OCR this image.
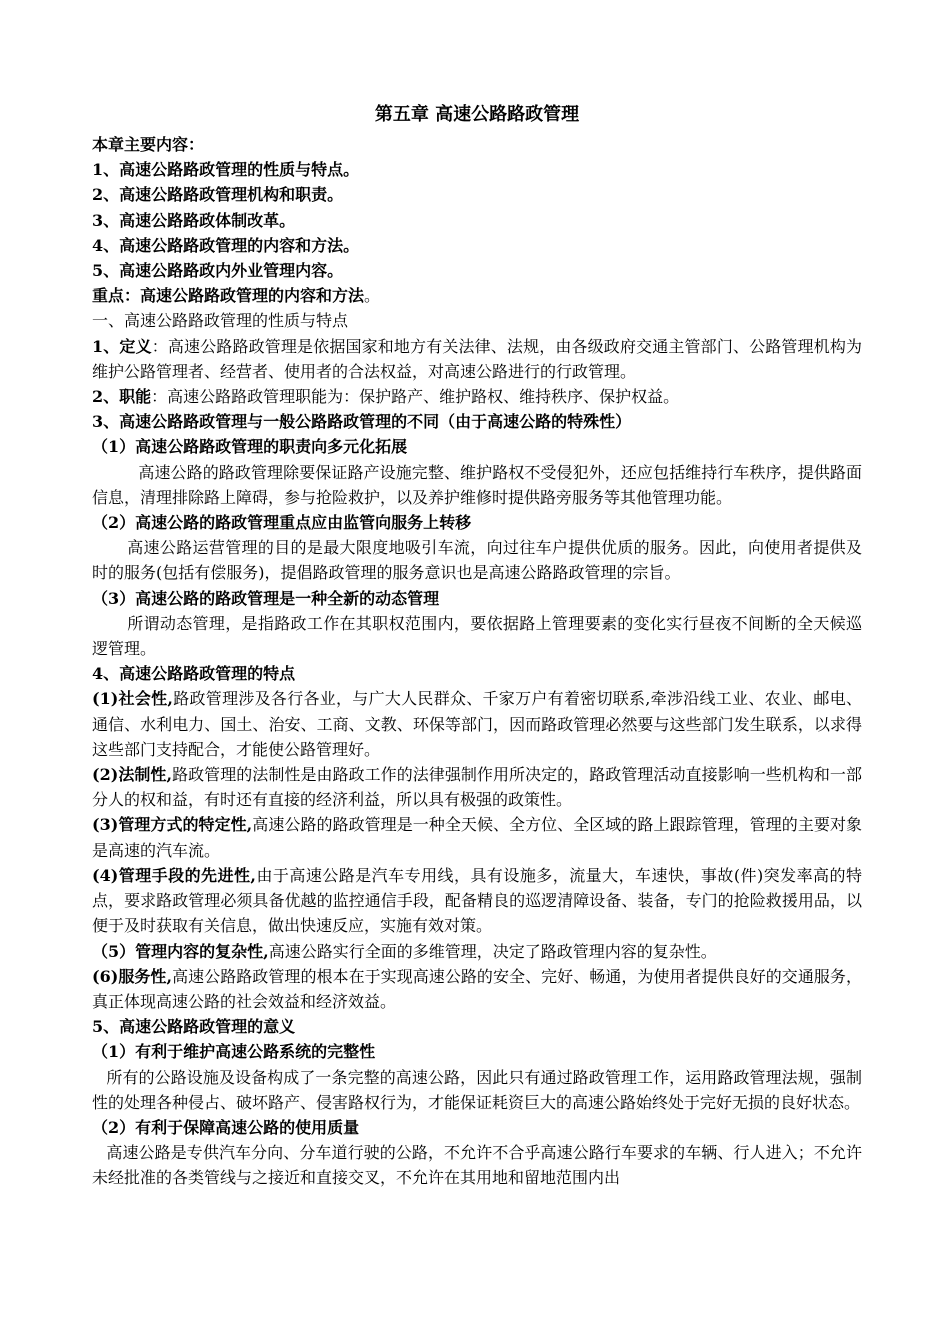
第五章 高速公路路政管理

本章主要内容：

1、高速公路路政管理的性质与特点。

2、高速公路路政管理机构和职责。

3、高速公路路政体制改革。

4、高速公路路政管理的内容和方法。

5、高速公路路政内外业管理内容。

重点：高速公路路政管理的内容和方法。

一、高速公路路政管理的性质与特点

1、定义：高速公路路政管理是依据国家和地方有关法律、法规，由各级政府交通主管部门、公路管理机构为维护公路管理者、经营者、使用者的合法权益，对高速公路进行的行政管理。

2、职能：高速公路路政管理职能为：保护路产、维护路权、维持秩序、保护权益。

3、高速公路路政管理与一般公路路政管理的不同（由于高速公路的特殊性）

（1）高速公路路政管理的职责向多元化拓展

高速公路的路政管理除要保证路产设施完整、维护路权不受侵犯外，还应包括维持行车秩序，提供路面信息，清理排除路上障碍，参与抢险救护，以及养护维修时提供路旁服务等其他管理功能。

（2）高速公路的路政管理重点应由监管向服务上转移

高速公路运营管理的目的是最大限度地吸引车流，向过往车户提供优质的服务。因此，向使用者提供及时的服务(包括有偿服务)，提倡路政管理的服务意识也是高速公路路政管理的宗旨。

（3）高速公路的路政管理是一种全新的动态管理

所谓动态管理，是指路政工作在其职权范围内，要依据路上管理要素的变化实行昼夜不间断的全天候巡逻管理。

4、高速公路路政管理的特点

(1)社会性,路政管理涉及各行各业，与广大人民群众、千家万户有着密切联系,牵涉沿线工业、农业、邮电、通信、水利电力、国土、治安、工商、文教、环保等部门，因而路政管理必然要与这些部门发生联系，以求得这些部门支持配合，才能使公路管理好。

(2)法制性,路政管理的法制性是由路政工作的法律强制作用所决定的，路政管理活动直接影响一些机构和一部分人的权和益，有时还有直接的经济利益，所以具有极强的政策性。

(3)管理方式的特定性,高速公路的路政管理是一种全天候、全方位、全区域的路上跟踪管理，管理的主要对象是高速的汽车流。

(4)管理手段的先进性,由于高速公路是汽车专用线，具有设施多，流量大，车速快，事故(件)突发率高的特点，要求路政管理必须具备优越的监控通信手段，配备精良的巡逻清障设备、装备，专门的抢险救援用品，以便于及时获取有关信息，做出快速反应，实施有效对策。

（5）管理内容的复杂性,高速公路实行全面的多维管理，决定了路政管理内容的复杂性。

(6)服务性,高速公路路政管理的根本在于实现高速公路的安全、完好、畅通，为使用者提供良好的交通服务，真正体现高速公路的社会效益和经济效益。

5、高速公路路政管理的意义

（1）有利于维护高速公路系统的完整性

所有的公路设施及设备构成了一条完整的高速公路，因此只有通过路政管理工作，运用路政管理法规，强制性的处理各种侵占、破坏路产、侵害路权行为，才能保证耗资巨大的高速公路始终处于完好无损的良好状态。

（2）有利于保障高速公路的使用质量

高速公路是专供汽车分向、分车道行驶的公路，不允许不合乎高速公路行车要求的车辆、行人进入；不允许未经批准的各类管线与之接近和直接交叉，不允许在其用地和留地范围内出
